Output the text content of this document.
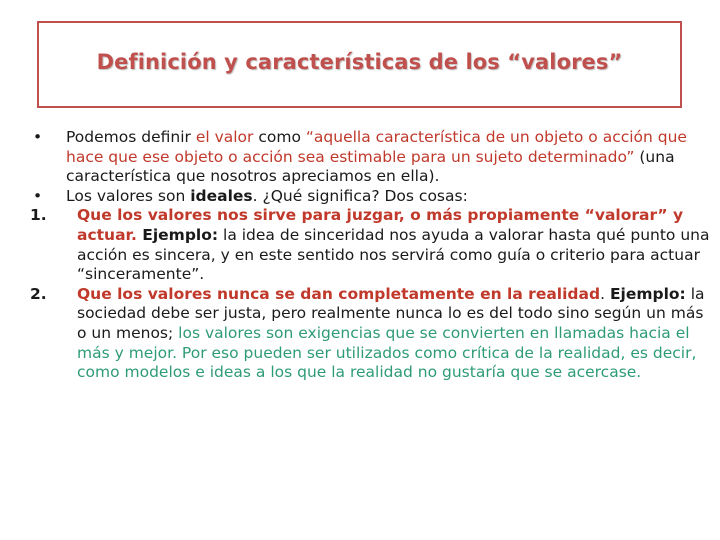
Definición y características de los “valores”
•	Podemos definir el valor como “aquella característica de un objeto o acción que hace que ese objeto o acción sea estimable para un sujeto determinado” (una característica que nosotros apreciamos en ella).
•	Los valores son ideales. ¿Qué significa? Dos cosas:
1.	Que los valores nos sirve para juzgar, o más propiamente “valorar” y actuar. Ejemplo: la idea de sinceridad nos ayuda a valorar hasta qué punto una acción es sincera, y en este sentido nos servirá como guía o criterio para actuar “sinceramente”.
2.	Que los valores nunca se dan completamente en la realidad. Ejemplo: la sociedad debe ser justa, pero realmente nunca lo es del todo sino según un más o un menos; los valores son exigencias que se convierten en llamadas hacia el más y mejor. Por eso pueden ser utilizados como crítica de la realidad, es decir, como modelos e ideas a los que la realidad no gustaría que se acercase.
